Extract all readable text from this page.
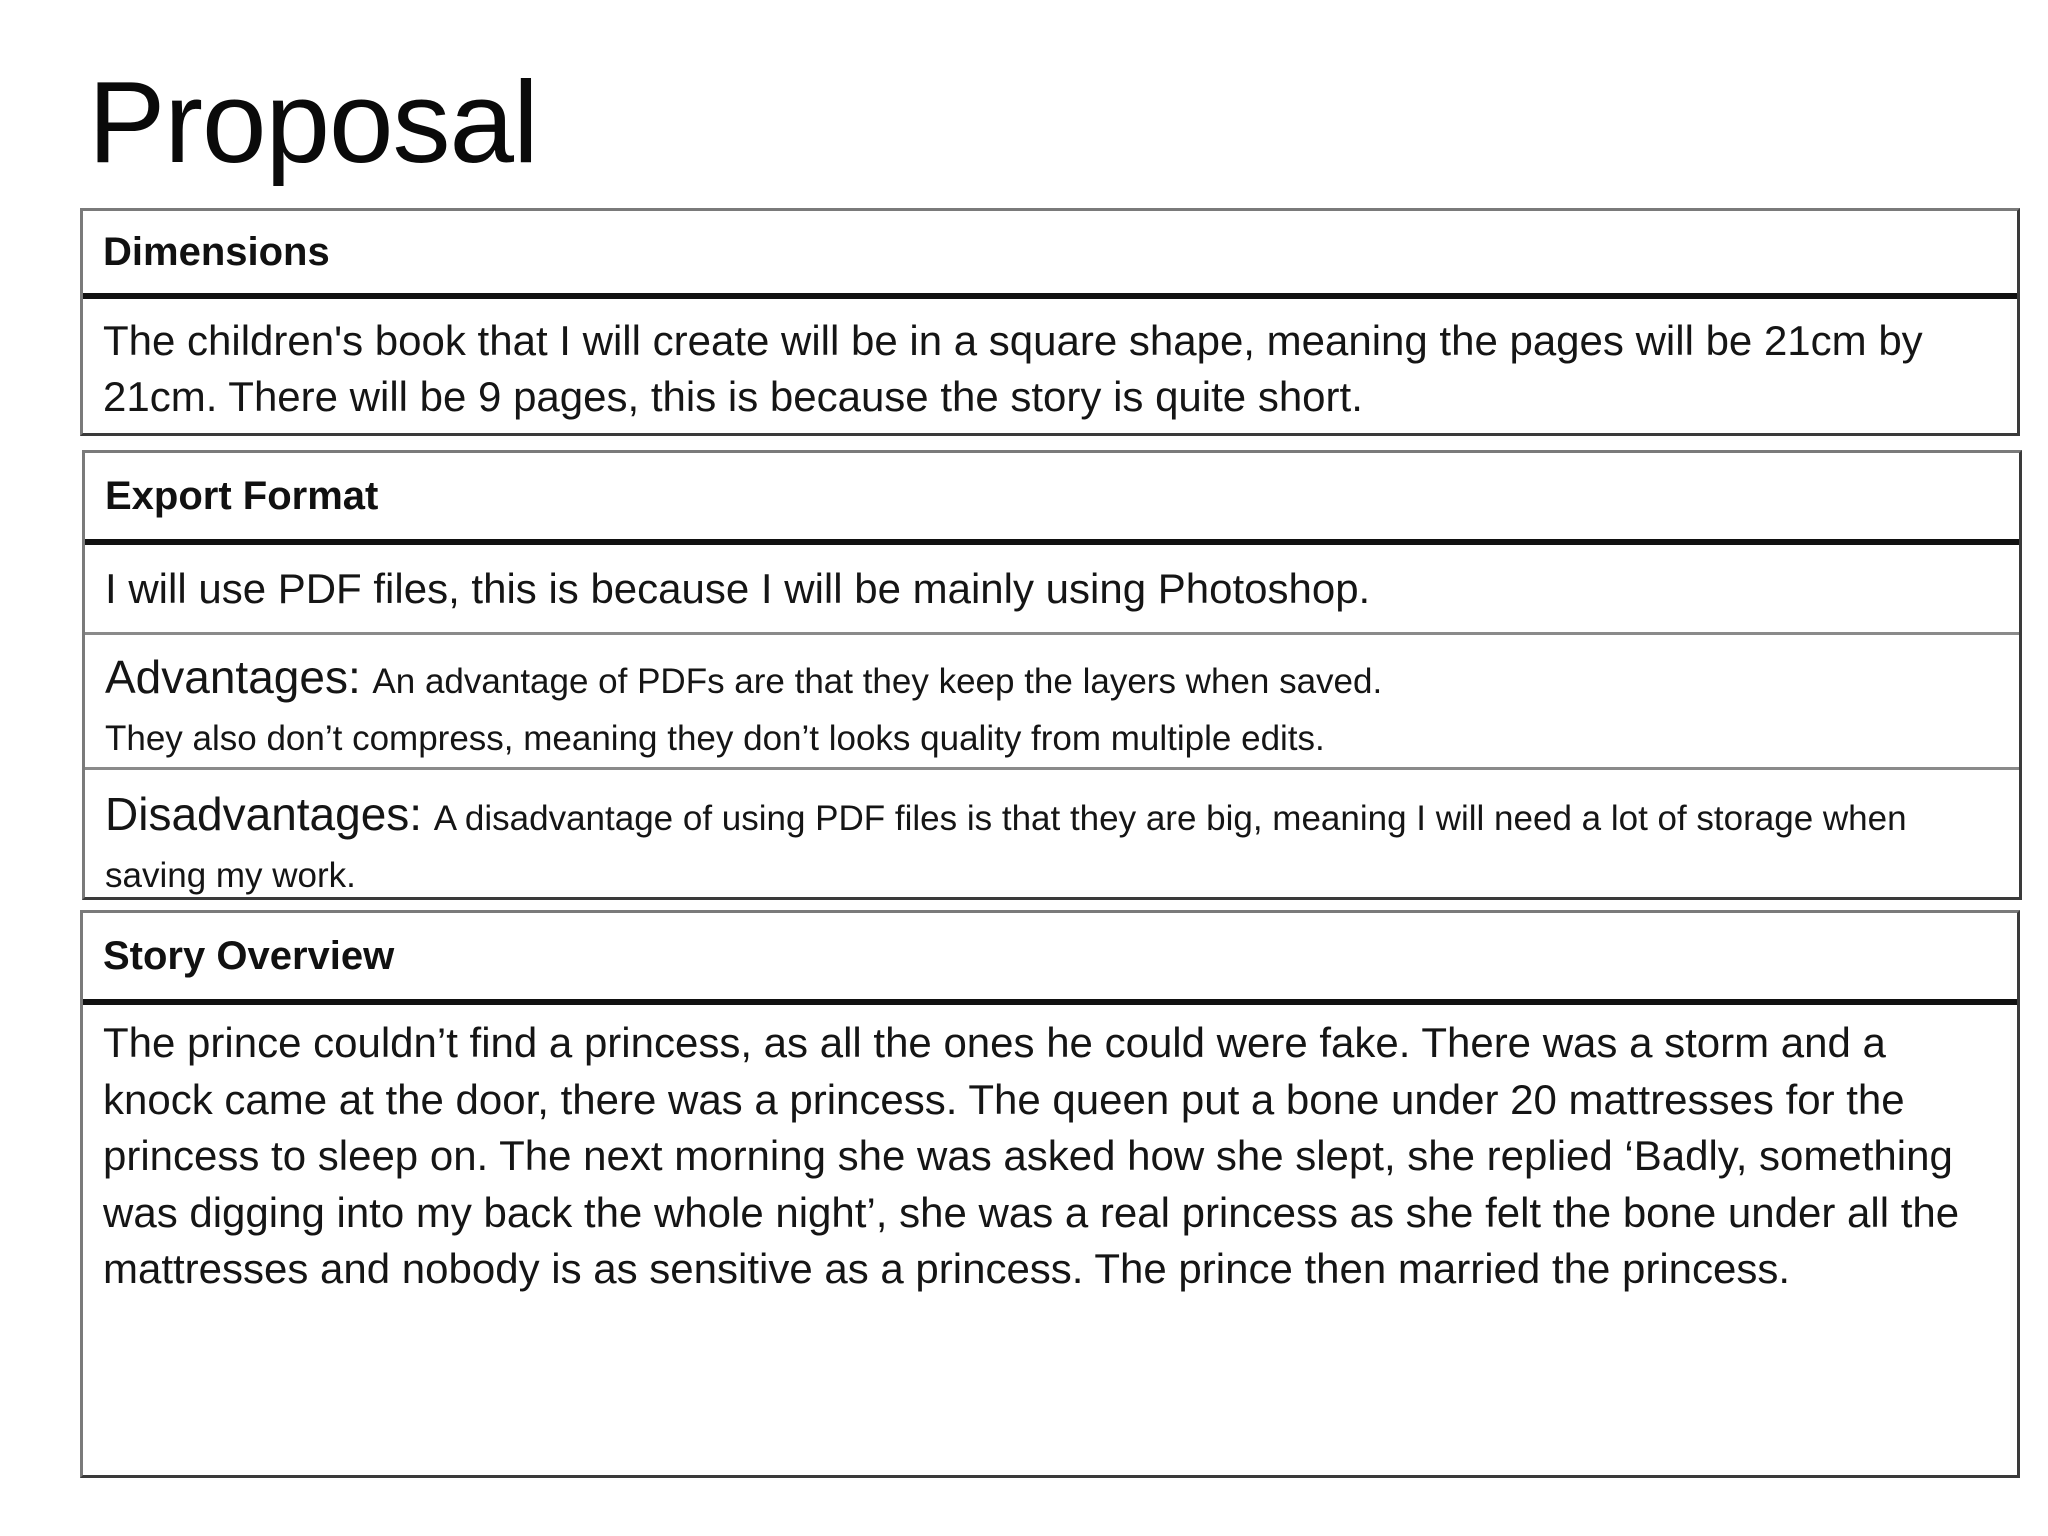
Proposal
Dimensions
The children's book that I will create will be in a square shape, meaning the pages will be 21cm by 21cm. There will be 9 pages, this is because the story is quite short.
Export Format
I will use PDF files, this is because I will be mainly using Photoshop.
Advantages: An advantage of PDFs are that they keep the layers when saved.
They also don’t compress, meaning they don’t looks quality from multiple edits.
Disadvantages: A disadvantage of using PDF files is that they are big, meaning I will need a lot of storage when saving my work.
Story Overview
The prince couldn’t find a princess, as all the ones he could were fake. There was a storm and a knock came at the door, there was a princess. The queen put a bone under 20 mattresses for the princess to sleep on. The next morning she was asked how she slept, she replied ‘Badly, something was digging into my back the whole night’, she was a real princess as she felt the bone under all the mattresses and nobody is as sensitive as a princess. The prince then married the princess.
